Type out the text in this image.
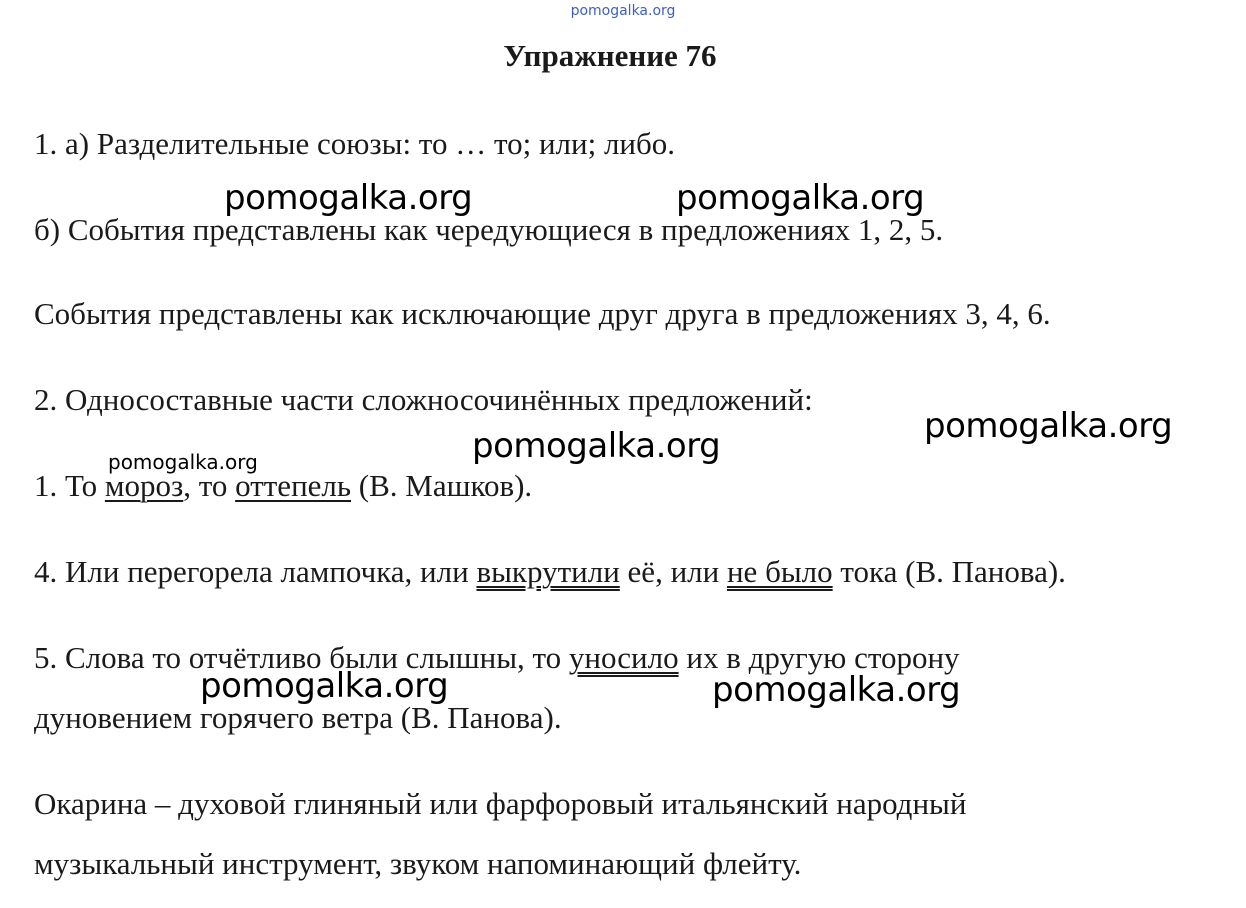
pomogalka.org
Упражнение 76
1. а) Разделительные союзы: то … то; или; либо.
б) События представлены как чередующиеся в предложениях 1, 2, 5.
События представлены как исключающие друг друга в предложениях 3, 4, 6.
2. Односоставные части сложносочинённых предложений:
1. То мороз, то оттепель (В. Машков).
4. Или перегорела лампочка, или выкрутили её, или не было тока (В. Панова).
5. Слова то отчётливо были слышны, то уносило их в другую сторону
дуновением горячего ветра (В. Панова).
Окарина – духовой глиняный или фарфоровый итальянский народный
музыкальный инструмент, звуком напоминающий флейту.
pomogalka.org	pomogalka.org
pomogalka.org
pomogalka.org
pomogalka.org
pomogalka.org	pomogalka.org
